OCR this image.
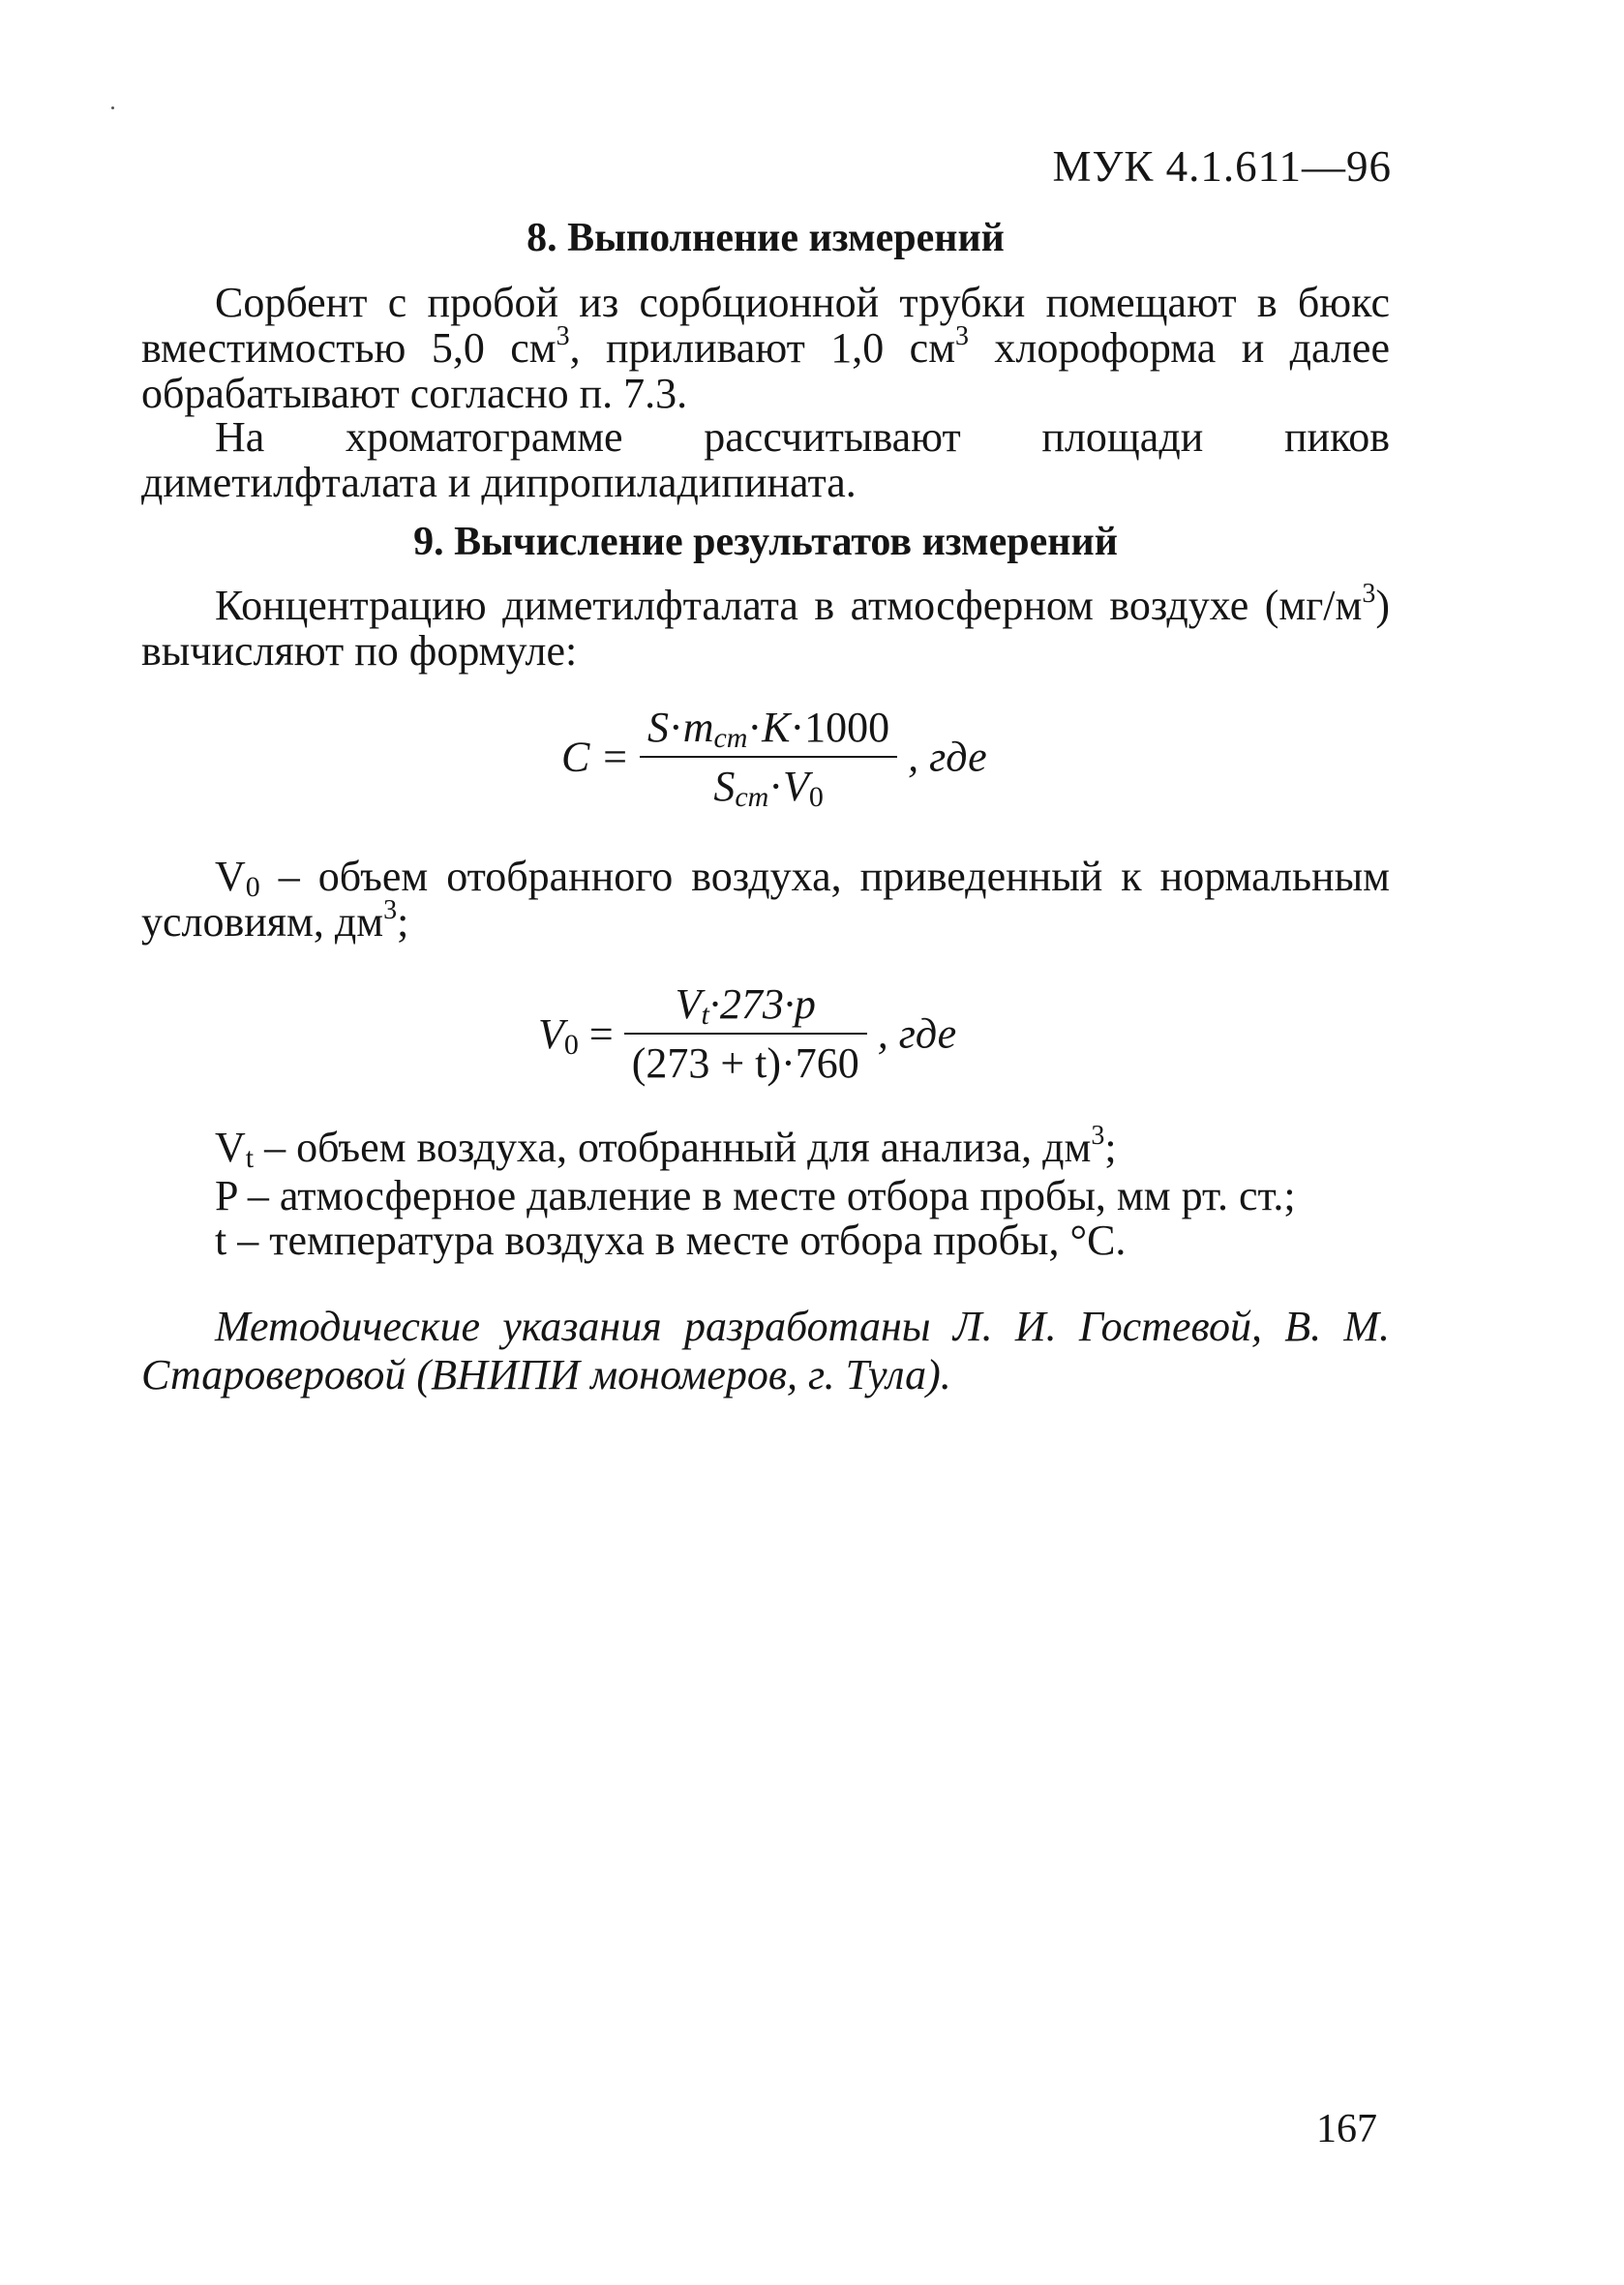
МУК 4.1.611—96
8. Выполнение измерений
Сорбент с пробой из сорбционной трубки помещают в бюкс вместимостью 5,0 $см^3$, приливают 1,0 $см^3$ хлороформа и далее обрабатывают согласно п. 7.3.
На хроматограмме рассчитывают площади пиков диметилфталата и дипропиладипината.
9. Вычисление результатов измерений
Концентрацию диметилфталата в атмосферном воздухе $(мг/м^3)$ вычисляют по формуле:
$C = \frac{S\cdot m_{cm}\cdot K\cdot 1000}{S_{cm}\cdot V_0}$ , где
$V_0$ – объем отобранного воздуха, приведенный к нормальным условиям, $дм^3$;
$V_0 = \frac{V_t\cdot 273\cdot p}{(273 + t)\cdot 760}$ , где
$V_t$ – объем воздуха, отобранный для анализа, $дм^3$;
P – атмосферное давление в месте отбора пробы, мм рт. ст.;
t – температура воздуха в месте отбора пробы, °С.
Методические указания разработаны Л. И. Гостевой, В. М. Староверовой (ВНИПИ мономеров, г. Тула).
167
